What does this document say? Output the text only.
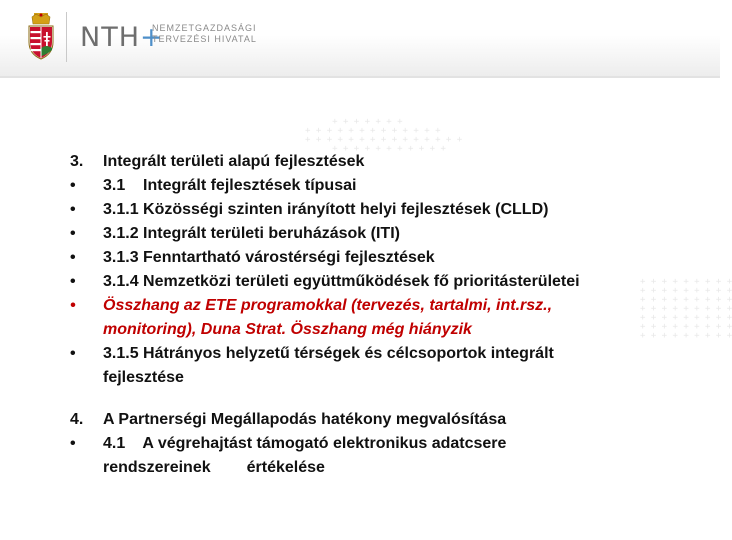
NTH+
NEMZETGAZDASÁGI
TERVEZÉSI HIVATAL
+ + + + + + +
+ + + + + + + + + + + + +
+ + + + + + + + + + + + + + +
+ + + + + + + + + + +
+ + + + + + + + +
+ + + + + + + + +
+ + + + + + + + +
+ + + + + + + + +
+ + + + + + + + +
+ + + + + + + + +
+ + + + + + + + +
3. Integrált területi alapú fejlesztések
• 3.1    Integrált fejlesztések típusai
• 3.1.1 Közösségi szinten irányított helyi fejlesztések (CLLD)
• 3.1.2 Integrált területi beruházások (ITI)
• 3.1.3 Fenntartható várostérségi fejlesztések
• 3.1.4 Nemzetközi területi együttműködések fő prioritásterületei
• Összhang az ETE programokkal (tervezés, tartalmi, int.rsz.,
monitoring), Duna Strat. Összhang még hiányzik
• 3.1.5 Hátrányos helyzetű térségek és célcsoportok integrált
fejlesztése
4. A Partnerségi Megállapodás hatékony megvalósítása
• 4.1    A végrehajtást támogató elektronikus adatcsere
rendszereinek értékelése
